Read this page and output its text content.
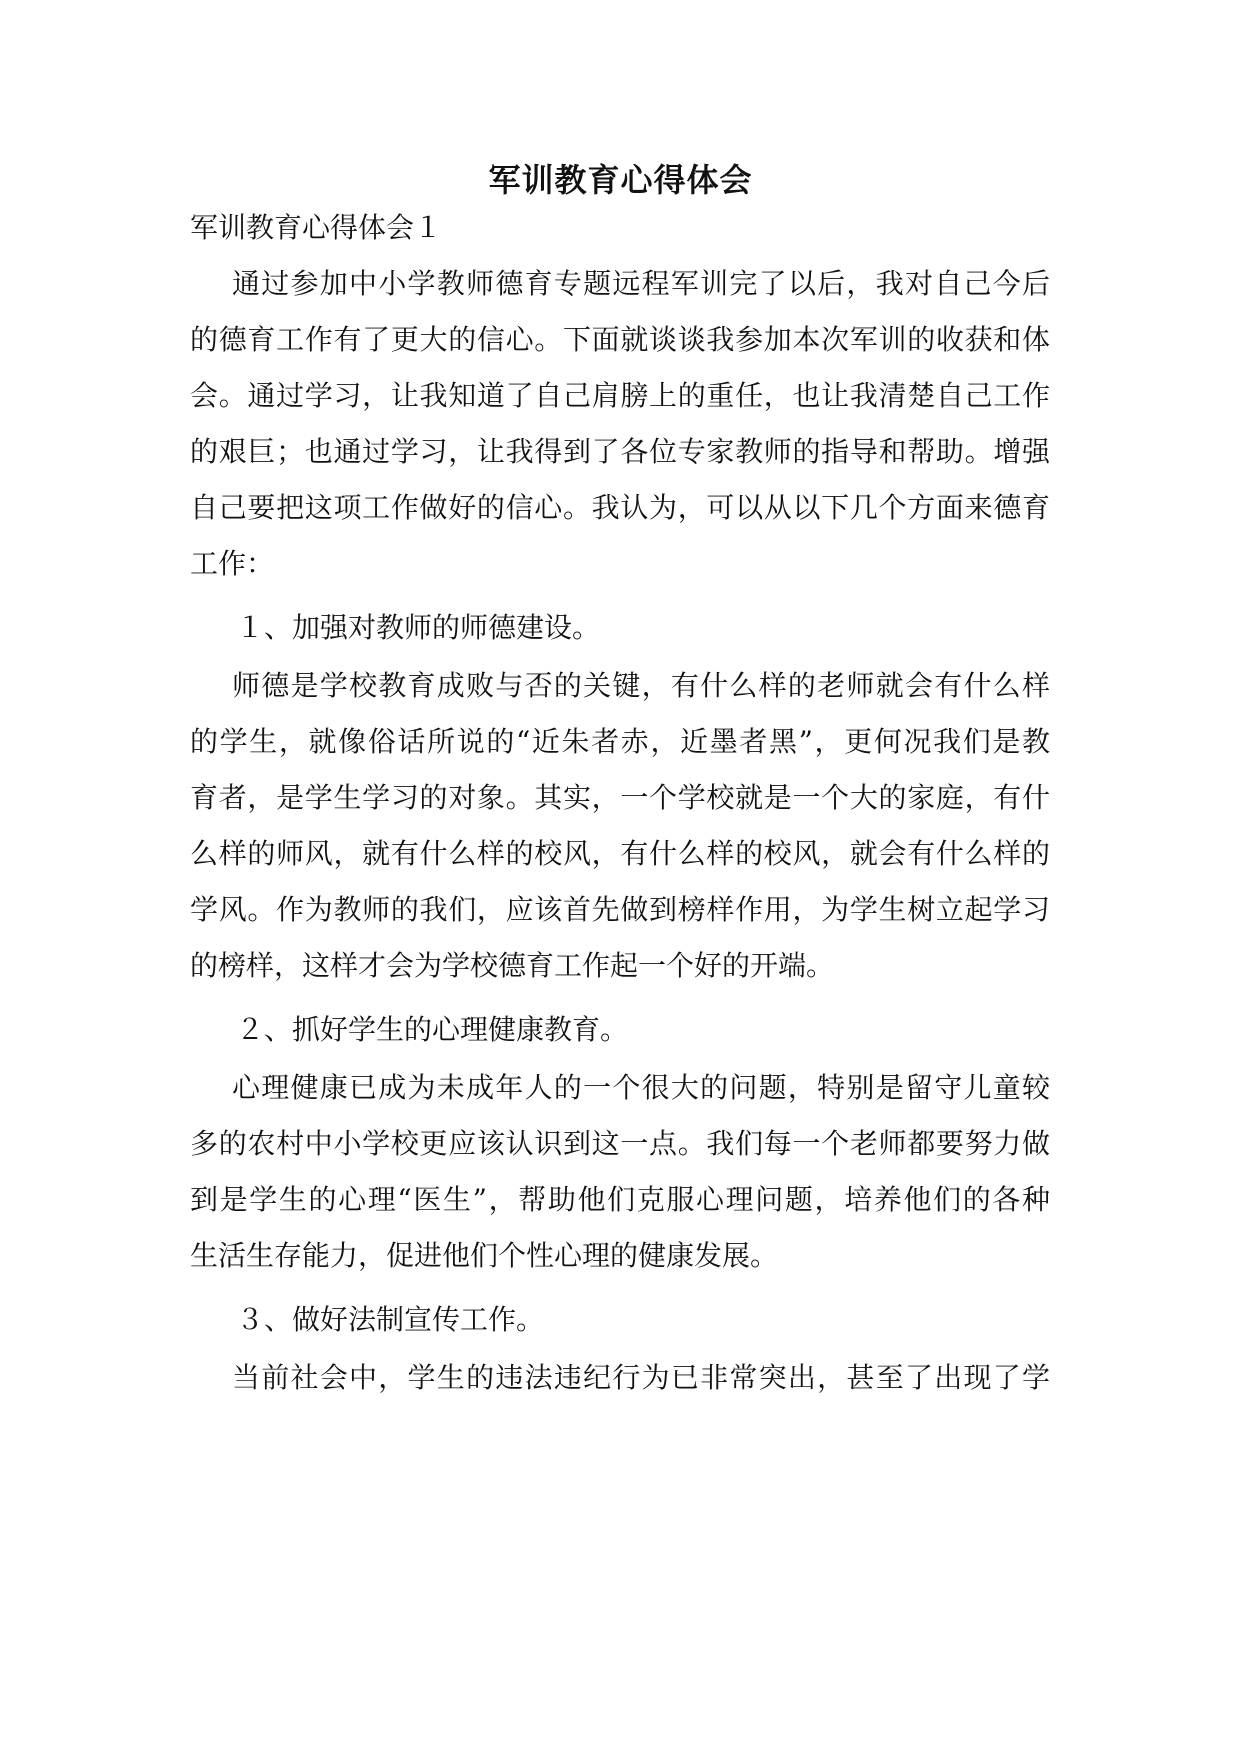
军训教育心得体会
军训教育心得体会１
通过参加中小学教师德育专题远程军训完了以后，我对自己今后
的德育工作有了更大的信心。下面就谈谈我参加本次军训的收获和体
会。通过学习，让我知道了自己肩膀上的重任，也让我清楚自己工作
的艰巨；也通过学习，让我得到了各位专家教师的指导和帮助。增强
自己要把这项工作做好的信心。我认为，可以从以下几个方面来德育
工作：
１、加强对教师的师德建设。
师德是学校教育成败与否的关键，有什么样的老师就会有什么样
的学生，就像俗话所说的“近朱者赤，近墨者黑”，更何况我们是教
育者，是学生学习的对象。其实，一个学校就是一个大的家庭，有什
么样的师风，就有什么样的校风，有什么样的校风，就会有什么样的
学风。作为教师的我们，应该首先做到榜样作用，为学生树立起学习
的榜样，这样才会为学校德育工作起一个好的开端。
２、抓好学生的心理健康教育。
心理健康已成为未成年人的一个很大的问题，特别是留守儿童较
多的农村中小学校更应该认识到这一点。我们每一个老师都要努力做
到是学生的心理“医生”，帮助他们克服心理问题，培养他们的各种
生活生存能力，促进他们个性心理的健康发展。
３、做好法制宣传工作。
当前社会中，学生的违法违纪行为已非常突出，甚至了出现了学
